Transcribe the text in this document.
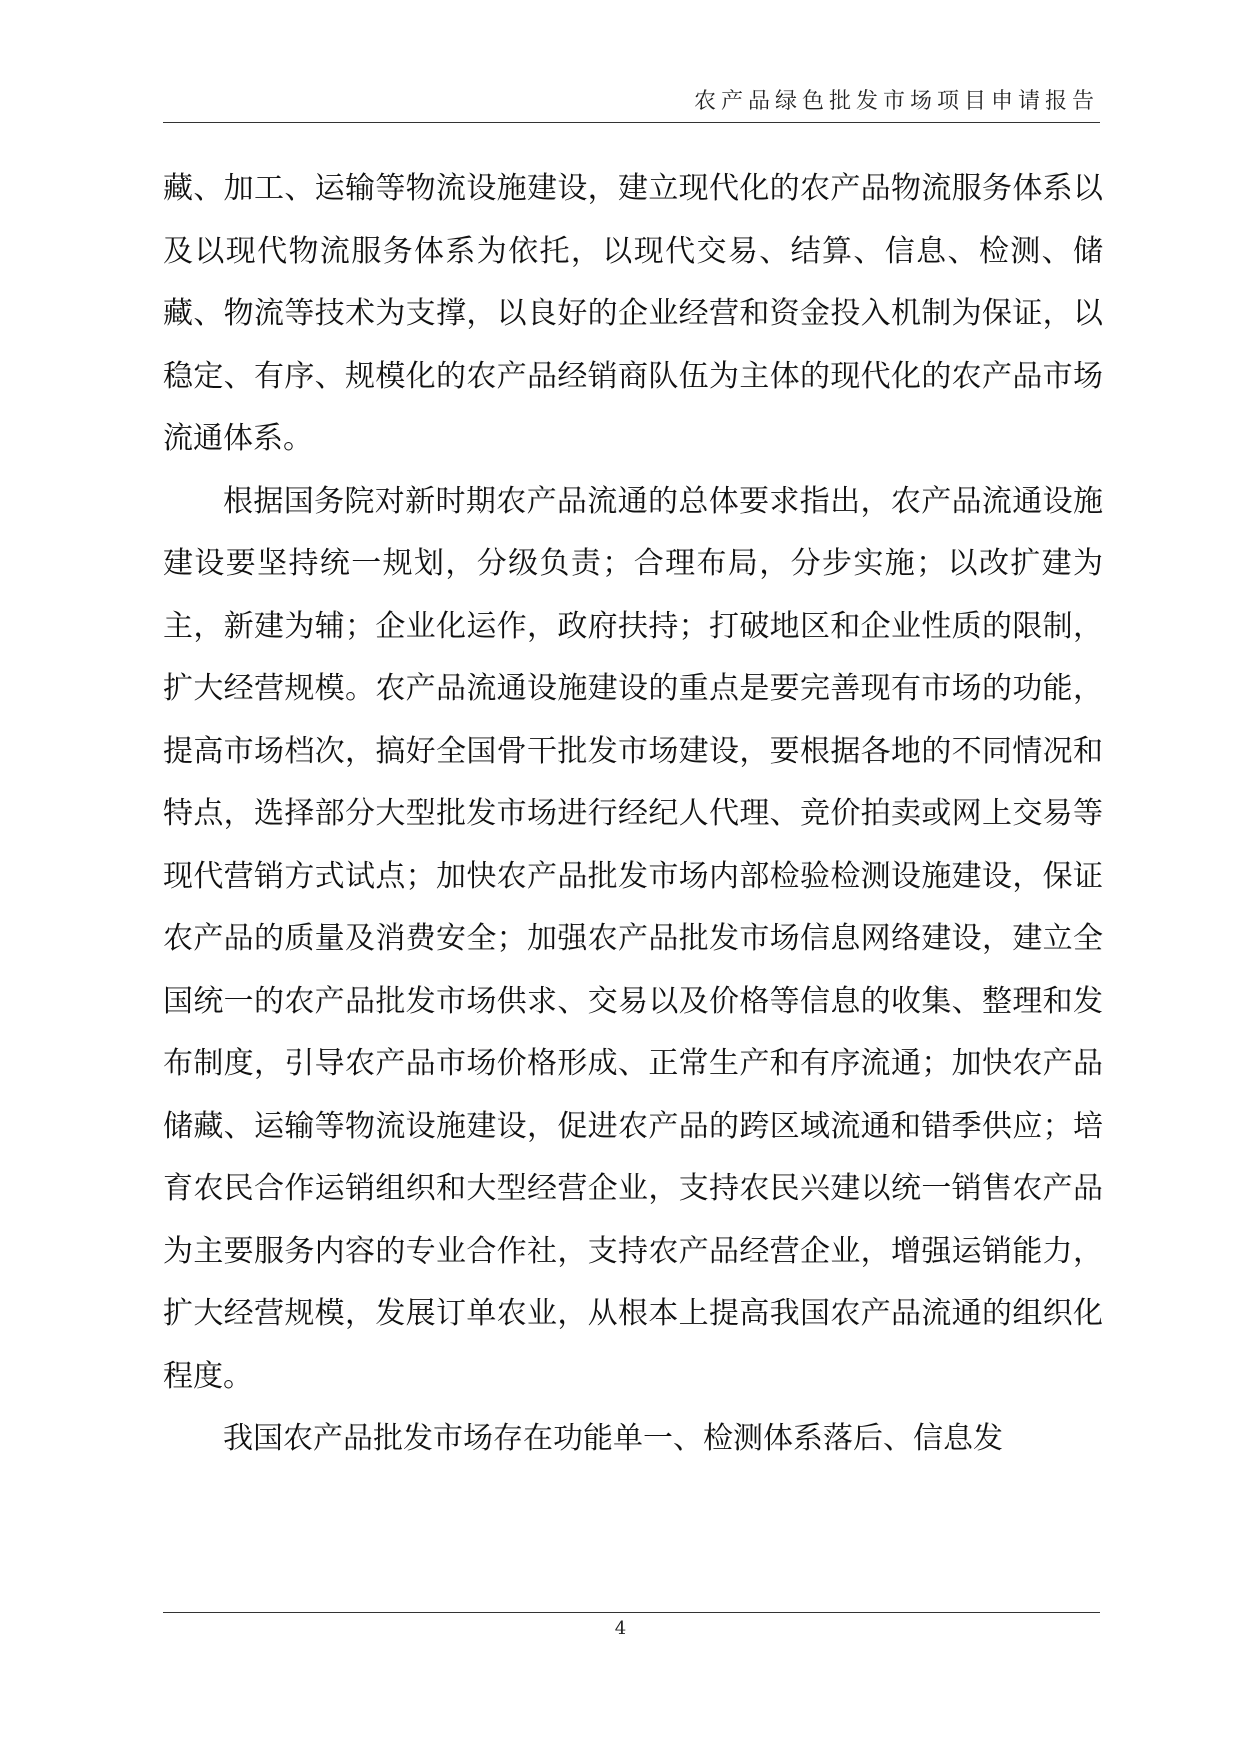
农产品绿色批发市场项目申请报告

藏、加工、运输等物流设施建设，建立现代化的农产品物流服务体系以及以现代物流服务体系为依托，以现代交易、结算、信息、检测、储藏、物流等技术为支撑，以良好的企业经营和资金投入机制为保证，以稳定、有序、规模化的农产品经销商队伍为主体的现代化的农产品市场流通体系。

根据国务院对新时期农产品流通的总体要求指出，农产品流通设施建设要坚持统一规划，分级负责；合理布局，分步实施；以改扩建为主，新建为辅；企业化运作，政府扶持；打破地区和企业性质的限制，扩大经营规模。农产品流通设施建设的重点是要完善现有市场的功能，提高市场档次，搞好全国骨干批发市场建设，要根据各地的不同情况和特点，选择部分大型批发市场进行经纪人代理、竞价拍卖或网上交易等现代营销方式试点；加快农产品批发市场内部检验检测设施建设，保证农产品的质量及消费安全；加强农产品批发市场信息网络建设，建立全国统一的农产品批发市场供求、交易以及价格等信息的收集、整理和发布制度，引导农产品市场价格形成、正常生产和有序流通；加快农产品储藏、运输等物流设施建设，促进农产品的跨区域流通和错季供应；培育农民合作运销组织和大型经营企业，支持农民兴建以统一销售农产品为主要服务内容的专业合作社，支持农产品经营企业，增强运销能力，扩大经营规模，发展订单农业，从根本上提高我国农产品流通的组织化程度。

我国农产品批发市场存在功能单一、检测体系落后、信息发

4
